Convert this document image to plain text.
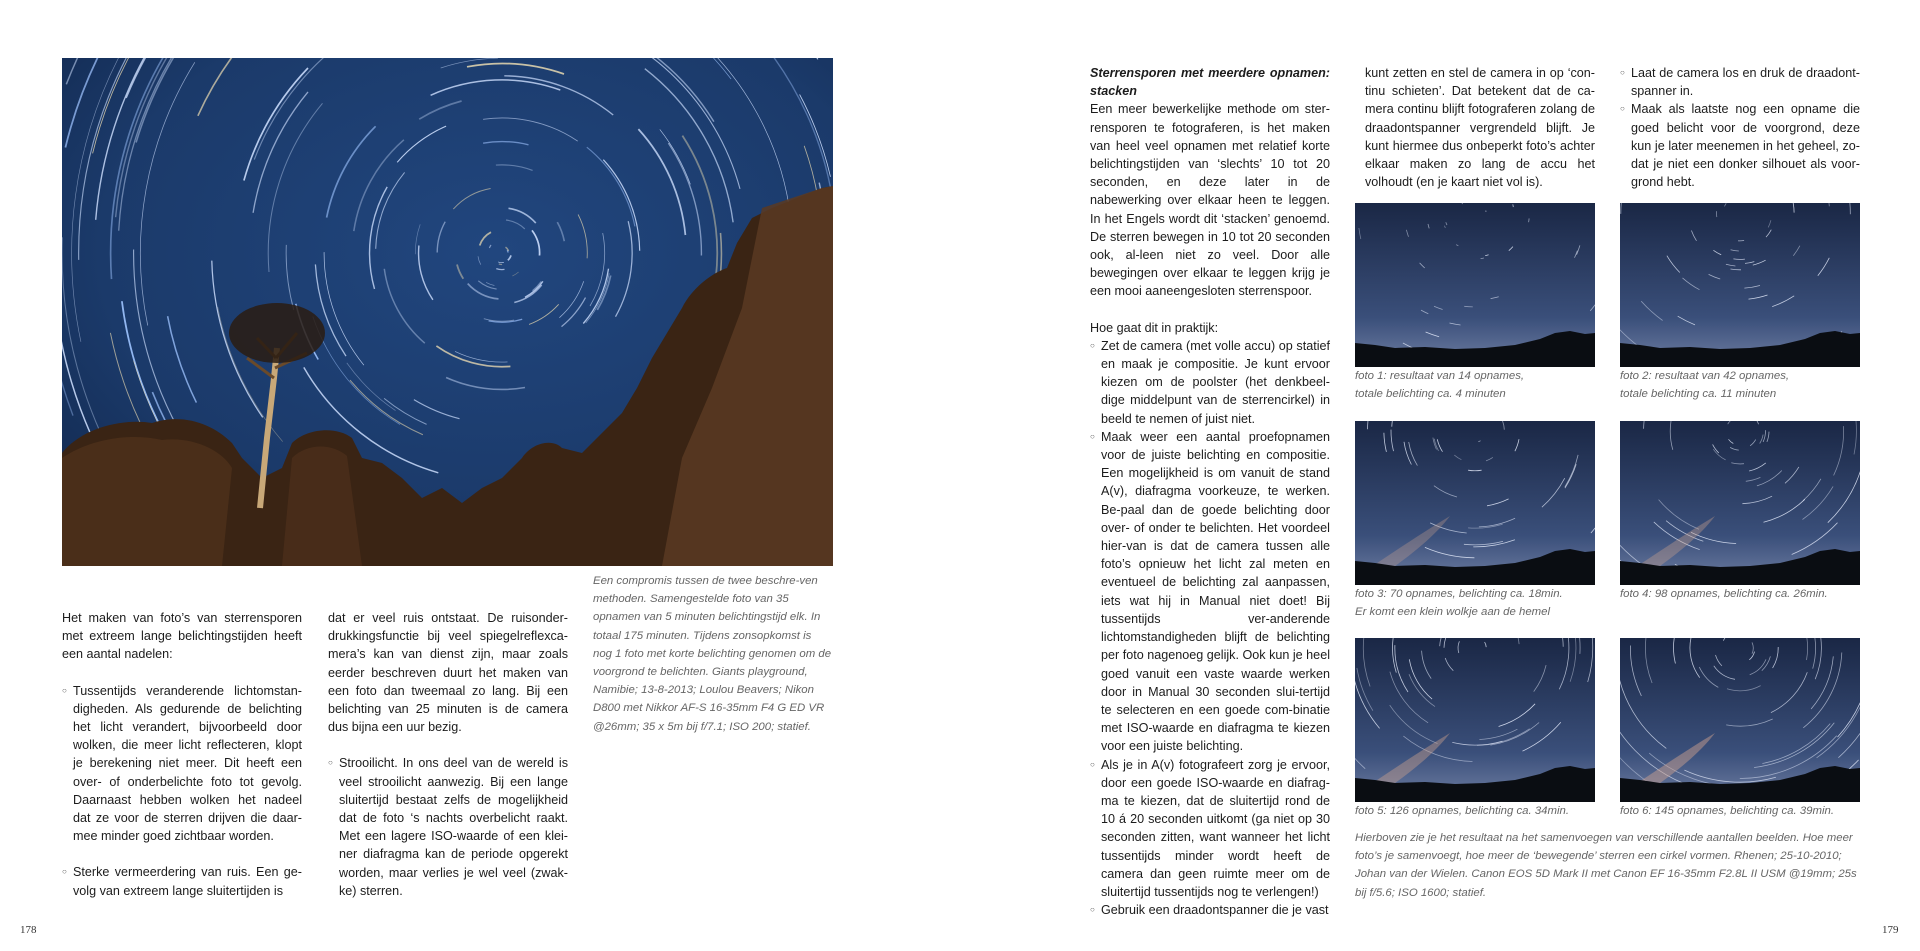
Een compromis tussen de twee beschre-ven methoden. Samengestelde foto van 35 opnamen van 5 minuten belichtingstijd elk. In totaal 175 minuten. Tijdens zonsopkomst is nog 1 foto met korte belichting genomen om de voorgrond te belichten. Giants playground, Namibie; 13-8-2013; Loulou Beavers; Nikon D800 met Nikkor AF-S 16-35mm F4 G ED VR @26mm; 35 x 5m bij f/7.1; ISO 200; statief.

Het maken van foto’s van sterrensporen met extreem lange belichtingstijden heeft een aantal nadelen:

○ Tussentijds veranderende lichtomstan-digheden. Als gedurende de belichting het licht verandert, bijvoorbeeld door wolken, die meer licht reflecteren, klopt je berekening niet meer. Dit heeft een over- of onderbelichte foto tot gevolg. Daarnaast hebben wolken het nadeel dat ze voor de sterren drijven die daar-mee minder goed zichtbaar worden.

○ Sterke vermeerdering van ruis. Een ge-volg van extreem lange sluitertijden is

dat er veel ruis ontstaat. De ruisonder-drukkingsfunctie bij veel spiegelreflexca-mera’s kan van dienst zijn, maar zoals eerder beschreven duurt het maken van een foto dan tweemaal zo lang. Bij een belichting van 25 minuten is de camera dus bijna een uur bezig.

○ Strooilicht. In ons deel van de wereld is veel strooilicht aanwezig. Bij een lange sluitertijd bestaat zelfs de mogelijkheid dat de foto ‘s nachts overbelicht raakt. Met een lagere ISO-waarde of een klei-ner diafragma kan de periode opgerekt worden, maar verlies je wel veel (zwak-ke) sterren.

178

Sterrensporen met meerdere opnamen: stacken

Een meer bewerkelijke methode om ster-rensporen te fotograferen, is het maken van heel veel opnamen met relatief korte belichtingstijden van ‘slechts’ 10 tot 20 seconden, en deze later in de nabewerking over elkaar heen te leggen. In het Engels wordt dit ‘stacken’ genoemd. De sterren bewegen in 10 tot 20 seconden ook, al-leen niet zo veel. Door alle bewegingen over elkaar te leggen krijg je een mooi aaneengesloten sterrenspoor.

Hoe gaat dit in praktijk:

○ Zet de camera (met volle accu) op statief en maak je compositie. Je kunt ervoor kiezen om de poolster (het denkbeel-dige middelpunt van de sterrencirkel) in beeld te nemen of juist niet.

○ Maak weer een aantal proefopnamen voor de juiste belichting en compositie. Een mogelijkheid is om vanuit de stand A(v), diafragma voorkeuze, te werken. Be-paal dan de goede belichting door over- of onder te belichten. Het voordeel hier-van is dat de camera tussen alle foto’s opnieuw het licht zal meten en eventueel de belichting zal aanpassen, iets wat hij in Manual niet doet! Bij tussentijds ver-anderende lichtomstandigheden blijft de belichting per foto nagenoeg gelijk. Ook kun je heel goed vanuit een vaste waarde werken door in Manual 30 seconden slui-tertijd te selecteren en een goede com-binatie met ISO-waarde en diafragma te kiezen voor een juiste belichting.

○ Als je in A(v) fotografeert zorg je ervoor, door een goede ISO-waarde en diafrag-ma te kiezen, dat de sluitertijd rond de 10 á 20 seconden uitkomt (ga niet op 30 seconden zitten, want wanneer het licht tussentijds minder wordt heeft de camera dan geen ruimte meer om de sluitertijd tussentijds nog te verlengen!)

○ Gebruik een draadontspanner die je vast

kunt zetten en stel de camera in op ‘con-tinu schieten’. Dat betekent dat de ca-mera continu blijft fotograferen zolang de draadontspanner vergrendeld blijft. Je kunt hiermee dus onbeperkt foto’s achter elkaar maken zo lang de accu het volhoudt (en je kaart niet vol is).

○ Laat de camera los en druk de draadont-spanner in.

○ Maak als laatste nog een opname die goed belicht voor de voorgrond, deze kun je later meenemen in het geheel, zo-dat je niet een donker silhouet als voor-grond hebt.

foto 1: resultaat van 14 opnames,
totale belichting ca. 4 minuten
foto 2: resultaat van 42 opnames,
totale belichting ca. 11 minuten
foto 3: 70 opnames, belichting ca. 18min.
Er komt een klein wolkje aan de hemel
foto 4: 98 opnames, belichting ca. 26min.
foto 5: 126 opnames, belichting ca. 34min.	foto 6: 145 opnames, belichting ca. 39min.
Hierboven zie je het resultaat na het samenvoegen van verschillende aantallen beelden. Hoe meer foto’s je samenvoegt, hoe meer de ‘bewegende’ sterren een cirkel vormen. Rhenen; 25-10-2010; Johan van der Wielen. Canon EOS 5D Mark II met Canon EF 16-35mm F2.8L II USM @19mm; 25s bij f/5.6; ISO 1600; statief.
179
